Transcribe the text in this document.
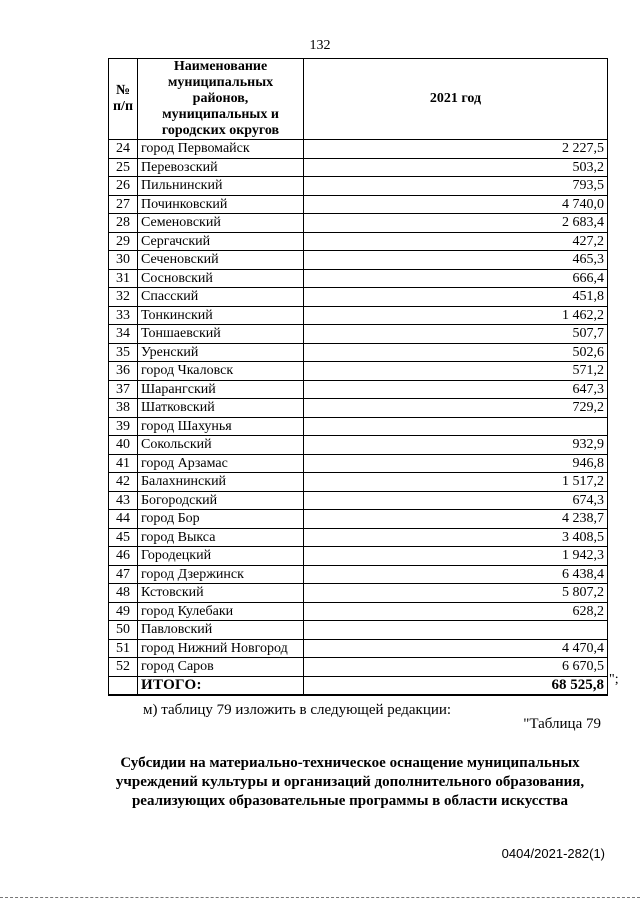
132
№ п/п	Наименование муниципальных районов, муниципальных и городских округов	2021 год
24	город Первомайск	2 227,5
25	Перевозский	503,2
26	Пильнинский	793,5
27	Починковский	4 740,0
28	Семеновский	2 683,4
29	Сергачский	427,2
30	Сеченовский	465,3
31	Сосновский	666,4
32	Спасский	451,8
33	Тонкинский	1 462,2
34	Тоншаевский	507,7
35	Уренский	502,6
36	город Чкаловск	571,2
37	Шарангский	647,3
38	Шатковский	729,2
39	город Шахунья	
40	Сокольский	932,9
41	город Арзамас	946,8
42	Балахнинский	1 517,2
43	Богородский	674,3
44	город Бор	4 238,7
45	город Выкса	3 408,5
46	Городецкий	1 942,3
47	город Дзержинск	6 438,4
48	Кстовский	5 807,2
49	город Кулебаки	628,2
50	Павловский	
51	город Нижний Новгород	4 470,4
52	город Саров	6 670,5
	ИТОГО:	68 525,8 ";
м) таблицу 79 изложить в следующей редакции:
"Таблица 79
Субсидии на материально-техническое оснащение муниципальных учреждений культуры и организаций дополнительного образования, реализующих образовательные программы в области искусства
0404/2021-282(1)
